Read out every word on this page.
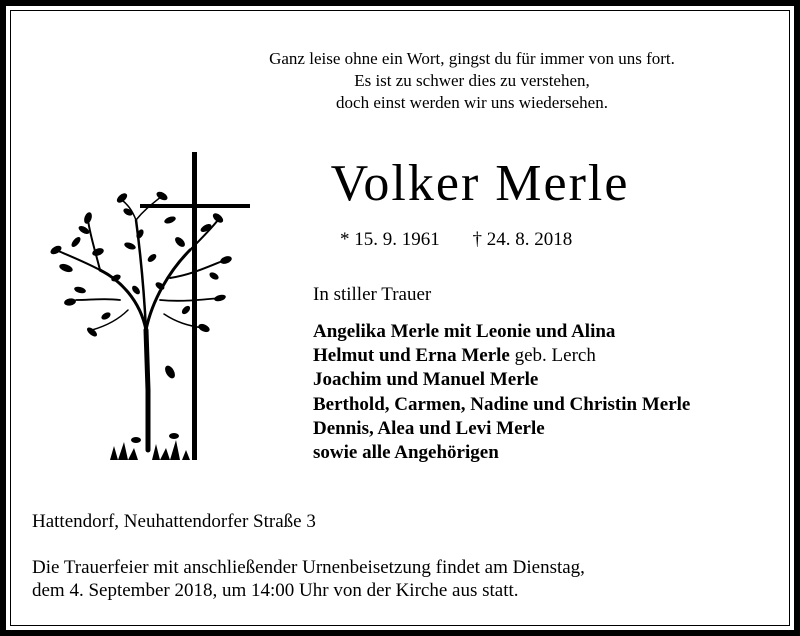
Ganz leise ohne ein Wort, gingst du für immer von uns fort.
Es ist zu schwer dies zu verstehen,
doch einst werden wir uns wiedersehen.
Volker Merle
* 15. 9. 1961 † 24. 8. 2018
In stiller Trauer
Angelika Merle mit Leonie und Alina
Helmut und Erna Merle geb. Lerch
Joachim und Manuel Merle
Berthold, Carmen, Nadine und Christin Merle
Dennis, Alea und Levi Merle
sowie alle Angehörigen
Hattendorf, Neuhattendorfer Straße 3
Die Trauerfeier mit anschließender Urnenbeisetzung findet am Dienstag,
dem 4. September 2018, um 14:00 Uhr von der Kirche aus statt.
